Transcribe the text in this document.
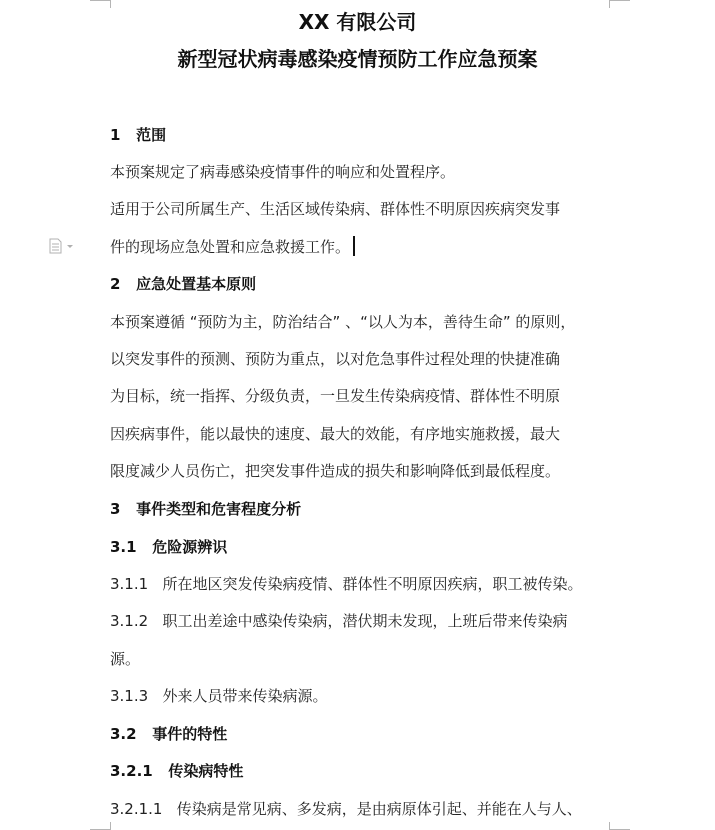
XX 有限公司
新型冠状病毒感染疫情预防工作应急预案
1 范围
本预案规定了病毒感染疫情事件的响应和处置程序。
适用于公司所属生产、生活区域传染病、群体性不明原因疾病突发事
件的现场应急处置和应急救援工作。
2 应急处置基本原则
本预案遵循 “预防为主，防治结合” 、“以人为本，善待生命” 的原则，
以突发事件的预测、预防为重点，以对危急事件过程处理的快捷准确
为目标，统一指挥、分级负责，一旦发生传染病疫情、群体性不明原
因疾病事件，能以最快的速度、最大的效能，有序地实施救援，最大
限度减少人员伤亡，把突发事件造成的损失和影响降低到最低程度。
3 事件类型和危害程度分析
3.1 危险源辨识
3.1.1 所在地区突发传染病疫情、群体性不明原因疾病，职工被传染。
3.1.2 职工出差途中感染传染病，潜伏期未发现，上班后带来传染病
源。
3.1.3 外来人员带来传染病源。
3.2 事件的特性
3.2.1 传染病特性
3.2.1.1 传染病是常见病、多发病，是由病原体引起、并能在人与人、
